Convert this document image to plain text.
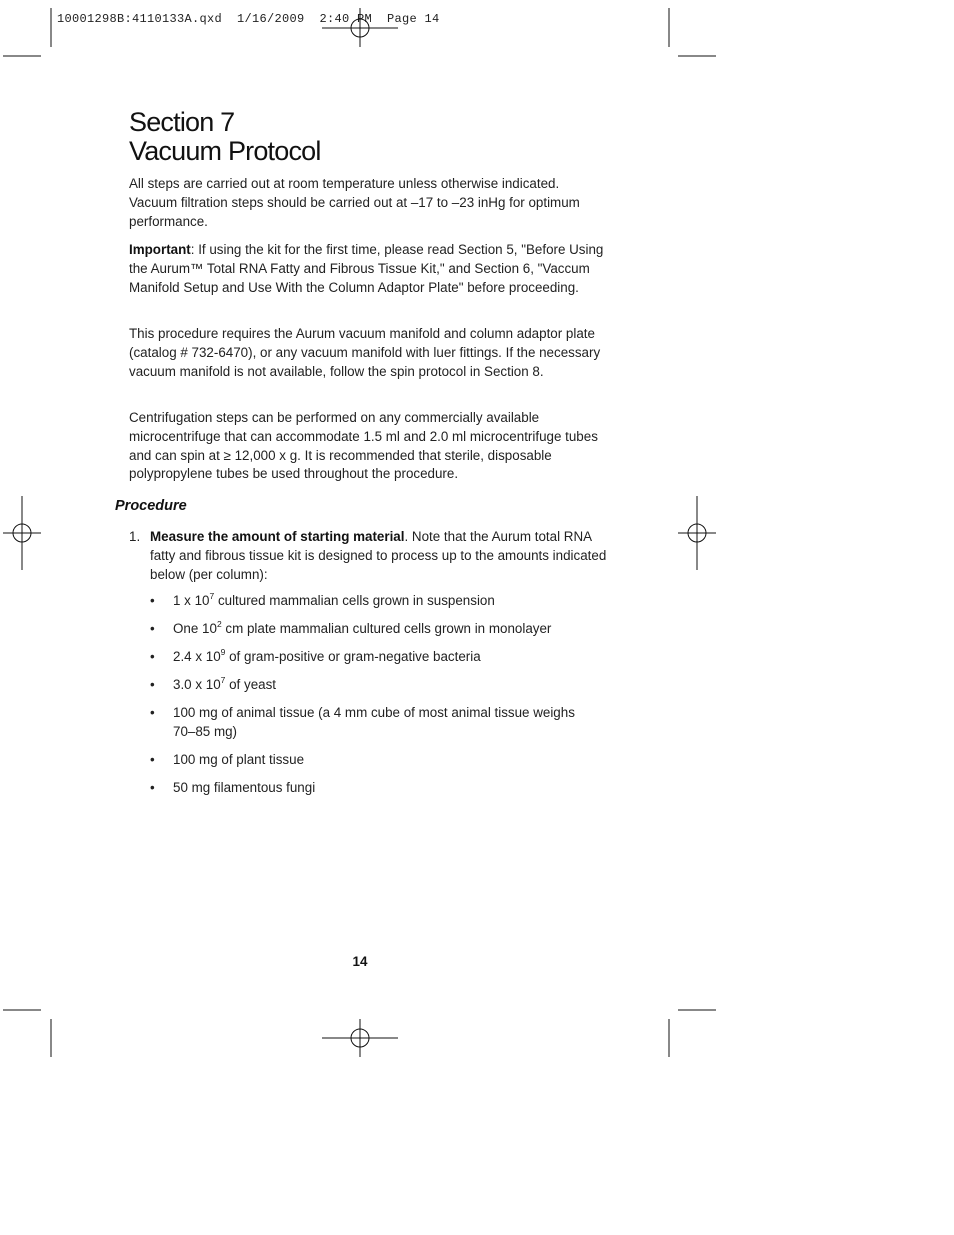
10001298B:4110133A.qxd  1/16/2009  2:40 PM  Page 14
Section 7
Vacuum Protocol

All steps are carried out at room temperature unless otherwise indicated. Vacuum filtration steps should be carried out at –17 to –23 inHg for optimum performance.

Important: If using the kit for the first time, please read Section 5, "Before Using the Aurum™ Total RNA Fatty and Fibrous Tissue Kit," and Section 6, "Vaccum Manifold Setup and Use With the Column Adaptor Plate" before proceeding.

This procedure requires the Aurum vacuum manifold and column adaptor plate (catalog # 732-6470), or any vacuum manifold with luer fittings. If the necessary vacuum manifold is not available, follow the spin protocol in Section 8.

Centrifugation steps can be performed on any commercially available microcentrifuge that can accommodate 1.5 ml and 2.0 ml microcentrifuge tubes and can spin at ≥ 12,000 x g. It is recommended that sterile, disposable polypropylene tubes be used throughout the procedure.

Procedure
1. Measure the amount of starting material. Note that the Aurum total RNA fatty and fibrous tissue kit is designed to process up to the amounts indicated below (per column):
• 1 x $10^7$ cultured mammalian cells grown in suspension
• One $10^2$ cm plate mammalian cultured cells grown in monolayer
• 2.4 x $10^9$ of gram-positive or gram-negative bacteria
• 3.0 x $10^7$ of yeast
• 100 mg of animal tissue (a 4 mm cube of most animal tissue weighs 70–85 mg)
• 100 mg of plant tissue
• 50 mg filamentous fungi
14
